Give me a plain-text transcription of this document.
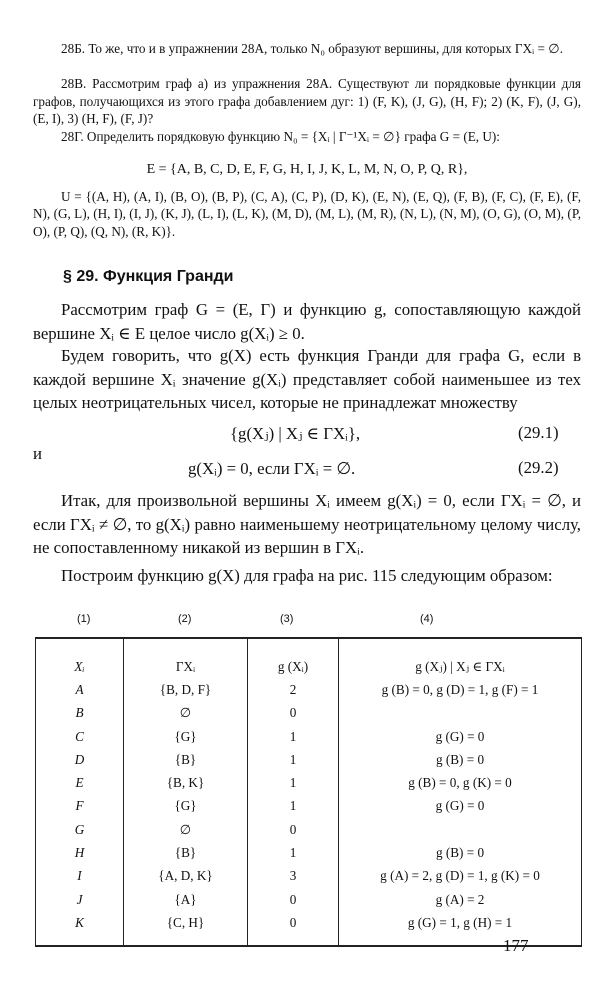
28Б. То же, что и в упражнении 28А, только N₀ образуют вершины, для которых ΓXᵢ = ∅.
28В. Рассмотрим граф а) из упражнения 28А. Существуют ли порядковые функции для графов, получающихся из этого графа добавлением дуг: 1) (F, K), (J, G), (H, F); 2) (K, F), (J, G), (E, I), 3) (H, F), (F, J)?
28Г. Определить порядковую функцию N₀ = {Xᵢ | Γ⁻¹Xᵢ = ∅} графа G = (E, U):
E = {A, B, C, D, E, F, G, H, I, J, K, L, M, N, O, P, Q, R},
U = {(A, H), (A, I), (B, O), (B, P), (C, A), (C, P), (D, K), (E, N), (E, Q), (F, B), (F, C), (F, E), (F, N), (G, L), (H, I), (I, J), (K, J), (L, I), (L, K), (M, D), (M, L), (M, R), (N, L), (N, M), (O, G), (O, M), (P, O), (P, Q), (Q, N), (R, K)}.
§ 29. Функция Гранди
Рассмотрим граф G = (E, Γ) и функцию g, сопоставляющую каждой вершине Xᵢ ∈ E целое число g(Xᵢ) ≥ 0.
Будем говорить, что g(X) есть функция Гранди для графа G, если в каждой вершине Xᵢ значение g(Xᵢ) представляет собой наименьшее из тех целых неотрицательных чисел, которые не принадлежат множеству
{g(Xⱼ) | Xⱼ ∈ ΓXᵢ},	(29.1)
и
g(Xᵢ) = 0, если ΓXᵢ = ∅.	(29.2)
Итак, для произвольной вершины Xᵢ имеем g(Xᵢ) = 0, если ΓXᵢ = ∅, и если ΓXᵢ ≠ ∅, то g(Xᵢ) равно наименьшему неотрицательному целому числу, не сопоставленному никакой из вершин в ΓXᵢ.
Построим функцию g(X) для графа на рис. 115 следующим образом:
(1)	(2)	(3)	(4)
Xᵢ	ΓXᵢ	g (Xᵢ)	g (Xⱼ) | Xⱼ ∈ ΓXᵢ
A	{B, D, F}	2	g (B) = 0, g (D) = 1, g (F) = 1
B	∅	0	
C	{G}	1	g (G) = 0
D	{B}	1	g (B) = 0
E	{B, K}	1	g (B) = 0, g (K) = 0
F	{G}	1	g (G) = 0
G	∅	0	
H	{B}	1	g (B) = 0
I	{A, D, K}	3	g (A) = 2, g (D) = 1, g (K) = 0
J	{A}	0	g (A) = 2
K	{C, H}	0	g (G) = 1, g (H) = 1
177
